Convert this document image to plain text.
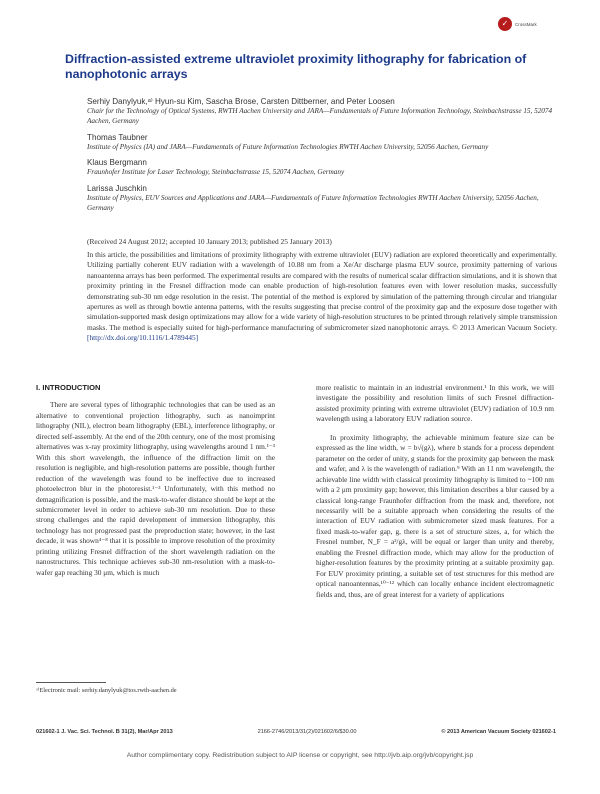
✓	CrossMark
Diffraction-assisted extreme ultraviolet proximity lithography for fabrication of nanophotonic arrays
Serhiy Danylyuk,ᵃ⁾ Hyun-su Kim, Sascha Brose, Carsten Dittberner, and Peter Loosen
Chair for the Technology of Optical Systems, RWTH Aachen University and JARA—Fundamentals of Future Information Technology, Steinbachstrasse 15, 52074 Aachen, Germany
Thomas Taubner
Institute of Physics (IA) and JARA—Fundamentals of Future Information Technologies RWTH Aachen University, 52056 Aachen, Germany
Klaus Bergmann
Fraunhofer Institute for Laser Technology, Steinbachstrasse 15, 52074 Aachen, Germany
Larissa Juschkin
Institute of Physics, EUV Sources and Applications and JARA—Fundamentals of Future Information Technologies RWTH Aachen University, 52056 Aachen, Germany
(Received 24 August 2012; accepted 10 January 2013; published 25 January 2013)
In this article, the possibilities and limitations of proximity lithography with extreme ultraviolet (EUV) radiation are explored theoretically and experimentally. Utilizing partially coherent EUV radiation with a wavelength of 10.88 nm from a Xe/Ar discharge plasma EUV source, proximity patterning of various nanoantenna arrays has been performed. The experimental results are compared with the results of numerical scalar diffraction simulations, and it is shown that proximity printing in the Fresnel diffraction mode can enable production of high-resolution features even with lower resolution masks, successfully demonstrating sub-30 nm edge resolution in the resist. The potential of the method is explored by simulation of the patterning through circular and triangular apertures as well as through bowtie antenna patterns, with the results suggesting that precise control of the proximity gap and the exposure dose together with simulation-supported mask design optimizations may allow for a wide variety of high-resolution structures to be printed through relatively simple transmission masks. The method is especially suited for high-performance manufacturing of submicrometer sized nanophotonic arrays. © 2013 American Vacuum Society. [http://dx.doi.org/10.1116/1.4789445]
I. INTRODUCTION

There are several types of lithographic technologies that can be used as an alternative to conventional projection lithography, such as nanoimprint lithography (NIL), electron beam lithography (EBL), interference lithography, or directed self-assembly. At the end of the 20th century, one of the most promising alternatives was x-ray proximity lithography, using wavelengths around 1 nm.¹⁻³ With this short wavelength, the influence of the diffraction limit on the resolution is negligible, and high-resolution patterns are possible, though further reduction of the wavelength was found to be ineffective due to increased photoelectron blur in the photoresist.¹⁻³ Unfortunately, with this method no demagnification is possible, and the mask-to-wafer distance should be kept at the submicrometer level in order to achieve sub-30 nm resolution. Due to these strong challenges and the rapid development of immersion lithography, this technology has not progressed past the preproduction state; however, in the last decade, it was shown⁴⁻⁸ that it is possible to improve resolution of the proximity printing utilizing Fresnel diffraction of the short wavelength radiation on the nanostructures. This technique achieves sub-30 nm-resolution with a mask-to-wafer gap reaching 30 μm, which is much

more realistic to maintain in an industrial environment.¹ In this work, we will investigate the possibility and resolution limits of such Fresnel diffraction-assisted proximity printing with extreme ultraviolet (EUV) radiation of 10.9 nm wavelength using a laboratory EUV radiation source.

In proximity lithography, the achievable minimum feature size can be expressed as the line width, w = b√(gλ), where b stands for a process dependent parameter on the order of unity, g stands for the proximity gap between the mask and wafer, and λ is the wavelength of radiation.⁹ With an 11 nm wavelength, the achievable line width with classical proximity lithography is limited to ~100 nm with a 2 μm proximity gap; however, this limitation describes a blur caused by a classical long-range Fraunhofer diffraction from the mask and, therefore, not necessarily will be a suitable approach when considering the results of the interaction of EUV radiation with submicrometer sized mask features. For a fixed mask-to-wafer gap, g, there is a set of structure sizes, a, for which the Fresnel number, N_F = a²/gλ, will be equal or larger than unity and thereby, enabling the Fresnel diffraction mode, which may allow for the production of higher-resolution features by the proximity printing at a suitable proximity gap. For EUV proximity printing, a suitable set of test structures for this method are optical nanoantennas,¹⁰⁻¹² which can locally enhance incident electromagnetic fields and, thus, are of great interest for a variety of applications

ᵃ⁾Electronic mail: serhiy.danylyuk@tos.rwth-aachen.de
021602-1 J. Vac. Sci. Technol. B 31(2), Mar/Apr 2013	2166-2746/2013/31(2)/021602/6/$30.00	© 2013 American Vacuum Society 021602-1
Author complimentary copy. Redistribution subject to AIP license or copyright, see http://jvb.aip.org/jvb/copyright.jsp
